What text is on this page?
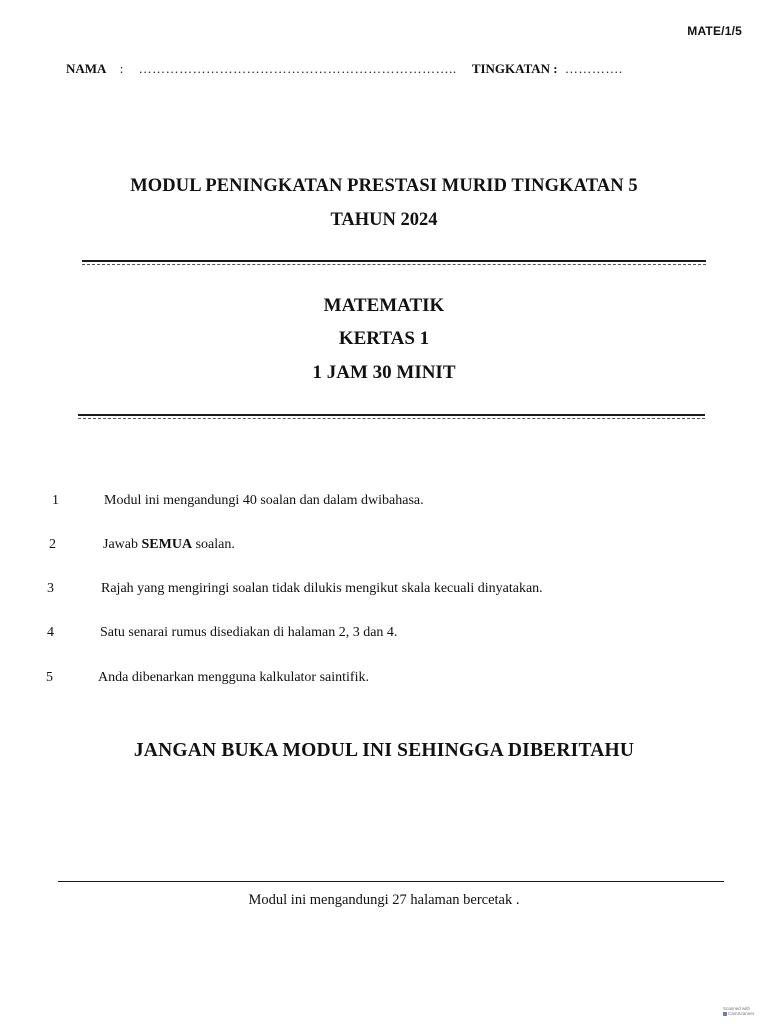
MATE/1/5
NAMA : …………………………………………………………….. TINGKATAN : ………….
MODUL PENINGKATAN PRESTASI MURID TINGKATAN 5
TAHUN 2024
MATEMATIK
KERTAS 1
1 JAM 30 MINIT
1	Modul ini mengandungi 40 soalan dan dalam dwibahasa.
2	Jawab SEMUA soalan.
3	Rajah yang mengiringi soalan tidak dilukis mengikut skala kecuali dinyatakan.
4	Satu senarai rumus disediakan di halaman 2, 3 dan 4.
5	Anda dibenarkan mengguna kalkulator saintifik.
JANGAN BUKA MODUL INI SEHINGGA DIBERITAHU
Modul ini mengandungi 27 halaman bercetak .
Scanned with
CamScanner
